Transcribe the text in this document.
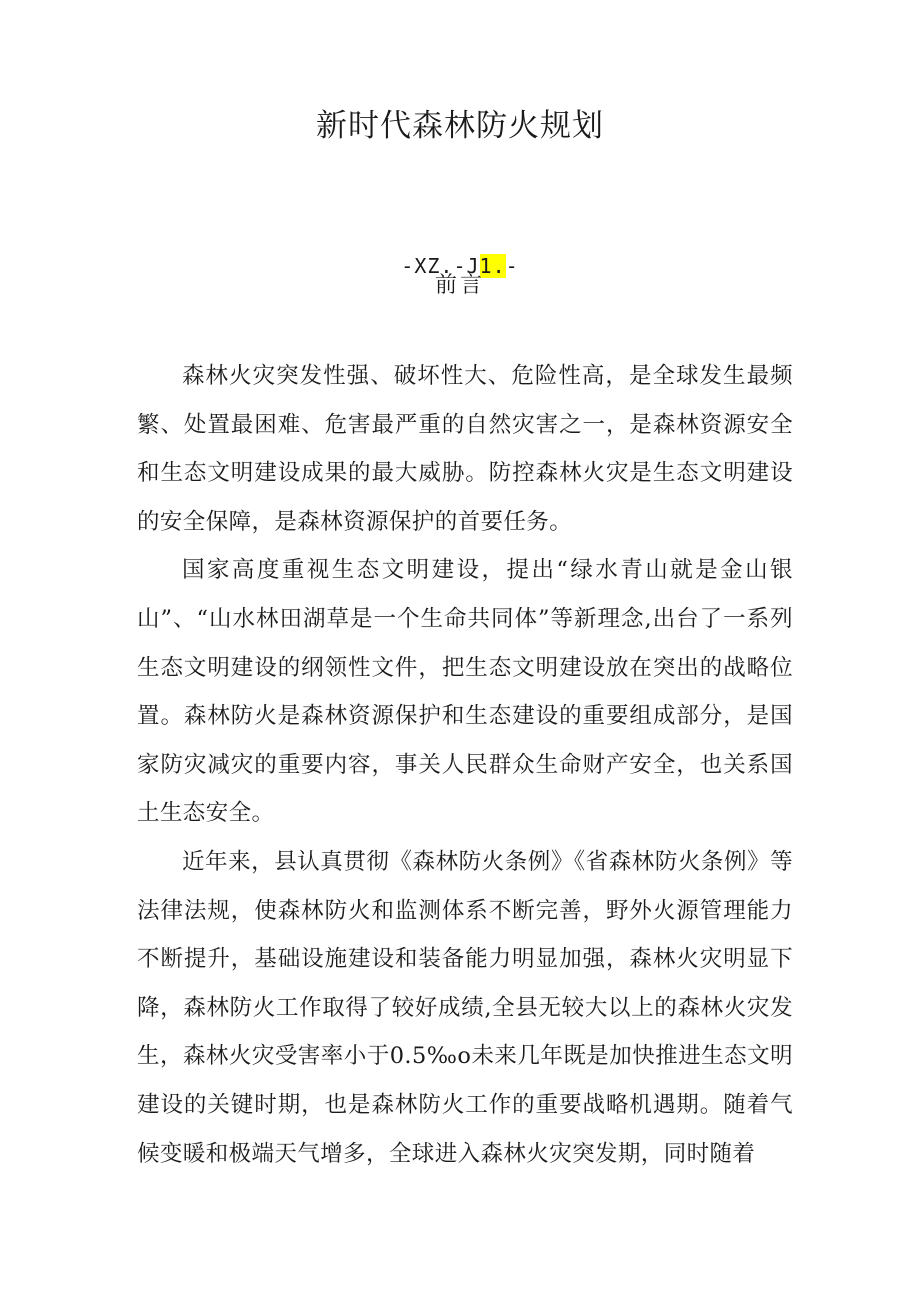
新时代森林防火规划
-XZ.-J1.-
前言

森林火灾突发性强、破坏性大、危险性高，是全球发生最频繁、处置最困难、危害最严重的自然灾害之一，是森林资源安全和生态文明建设成果的最大威胁。防控森林火灾是生态文明建设的安全保障，是森林资源保护的首要任务。

国家高度重视生态文明建设，提出“绿水青山就是金山银山”、“山水林田湖草是一个生命共同体”等新理念,出台了一系列生态文明建设的纲领性文件，把生态文明建设放在突出的战略位置。森林防火是森林资源保护和生态建设的重要组成部分，是国家防灾减灾的重要内容，事关人民群众生命财产安全，也关系国土生态安全。

近年来，县认真贯彻《森林防火条例》《省森林防火条例》等法律法规，使森林防火和监测体系不断完善，野外火源管理能力不断提升，基础设施建设和装备能力明显加强，森林火灾明显下降，森林防火工作取得了较好成绩,全县无较大以上的森林火灾发生，森林火灾受害率小于0.5‰o未来几年既是加快推进生态文明建设的关键时期，也是森林防火工作的重要战略机遇期。随着气候变暖和极端天气增多，全球进入森林火灾突发期，同时随着
